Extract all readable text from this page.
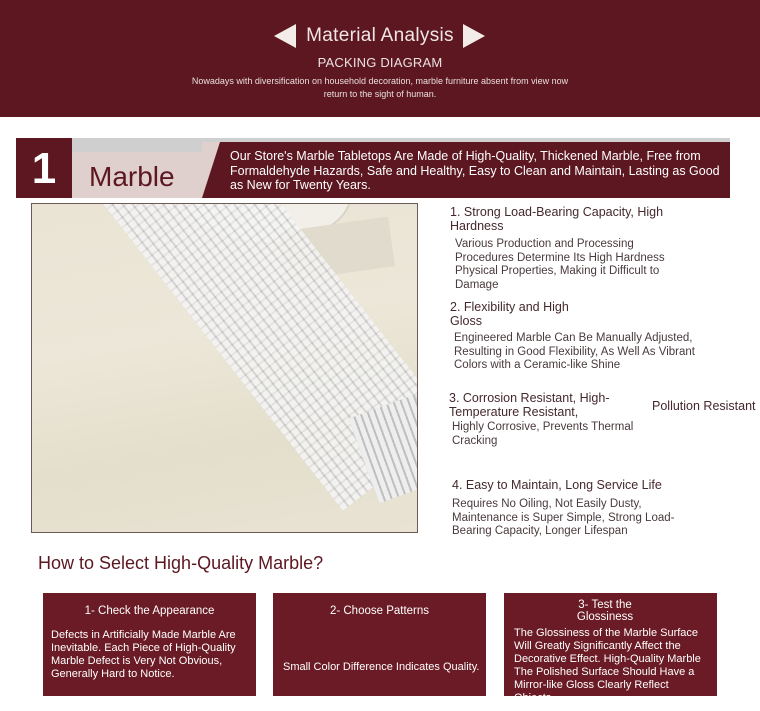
Material Analysis
PACKING DIAGRAM
Nowadays with diversification on household decoration, marble furniture absent from view now return to the sight of human.
1	Marble
Our Store's Marble Tabletops Are Made of High-Quality, Thickened Marble, Free from Formaldehyde Hazards, Safe and Healthy, Easy to Clean and Maintain, Lasting as Good as New for Twenty Years.
1. Strong Load-Bearing Capacity, High Hardness
Various Production and Processing Procedures Determine Its High Hardness Physical Properties, Making it Difficult to Damage
2. Flexibility and High Gloss
Engineered Marble Can Be Manually Adjusted, Resulting in Good Flexibility, As Well As Vibrant Colors with a Ceramic-like Shine
3. Corrosion Resistant, High-Temperature Resistant,
Highly Corrosive, Prevents Thermal Cracking
Pollution Resistant
4. Easy to Maintain, Long Service Life
Requires No Oiling, Not Easily Dusty, Maintenance is Super Simple, Strong Load-Bearing Capacity, Longer Lifespan
How to Select High-Quality Marble?
1- Check the Appearance
Defects in Artificially Made Marble Are Inevitable. Each Piece of High-Quality Marble Defect is Very Not Obvious, Generally Hard to Notice.
2- Choose Patterns
Small Color Difference Indicates Quality.
3- Test the Glossiness
The Glossiness of the Marble Surface Will Greatly Significantly Affect the Decorative Effect. High-Quality Marble The Polished Surface Should Have a Mirror-like Gloss Clearly Reflect Objects.
